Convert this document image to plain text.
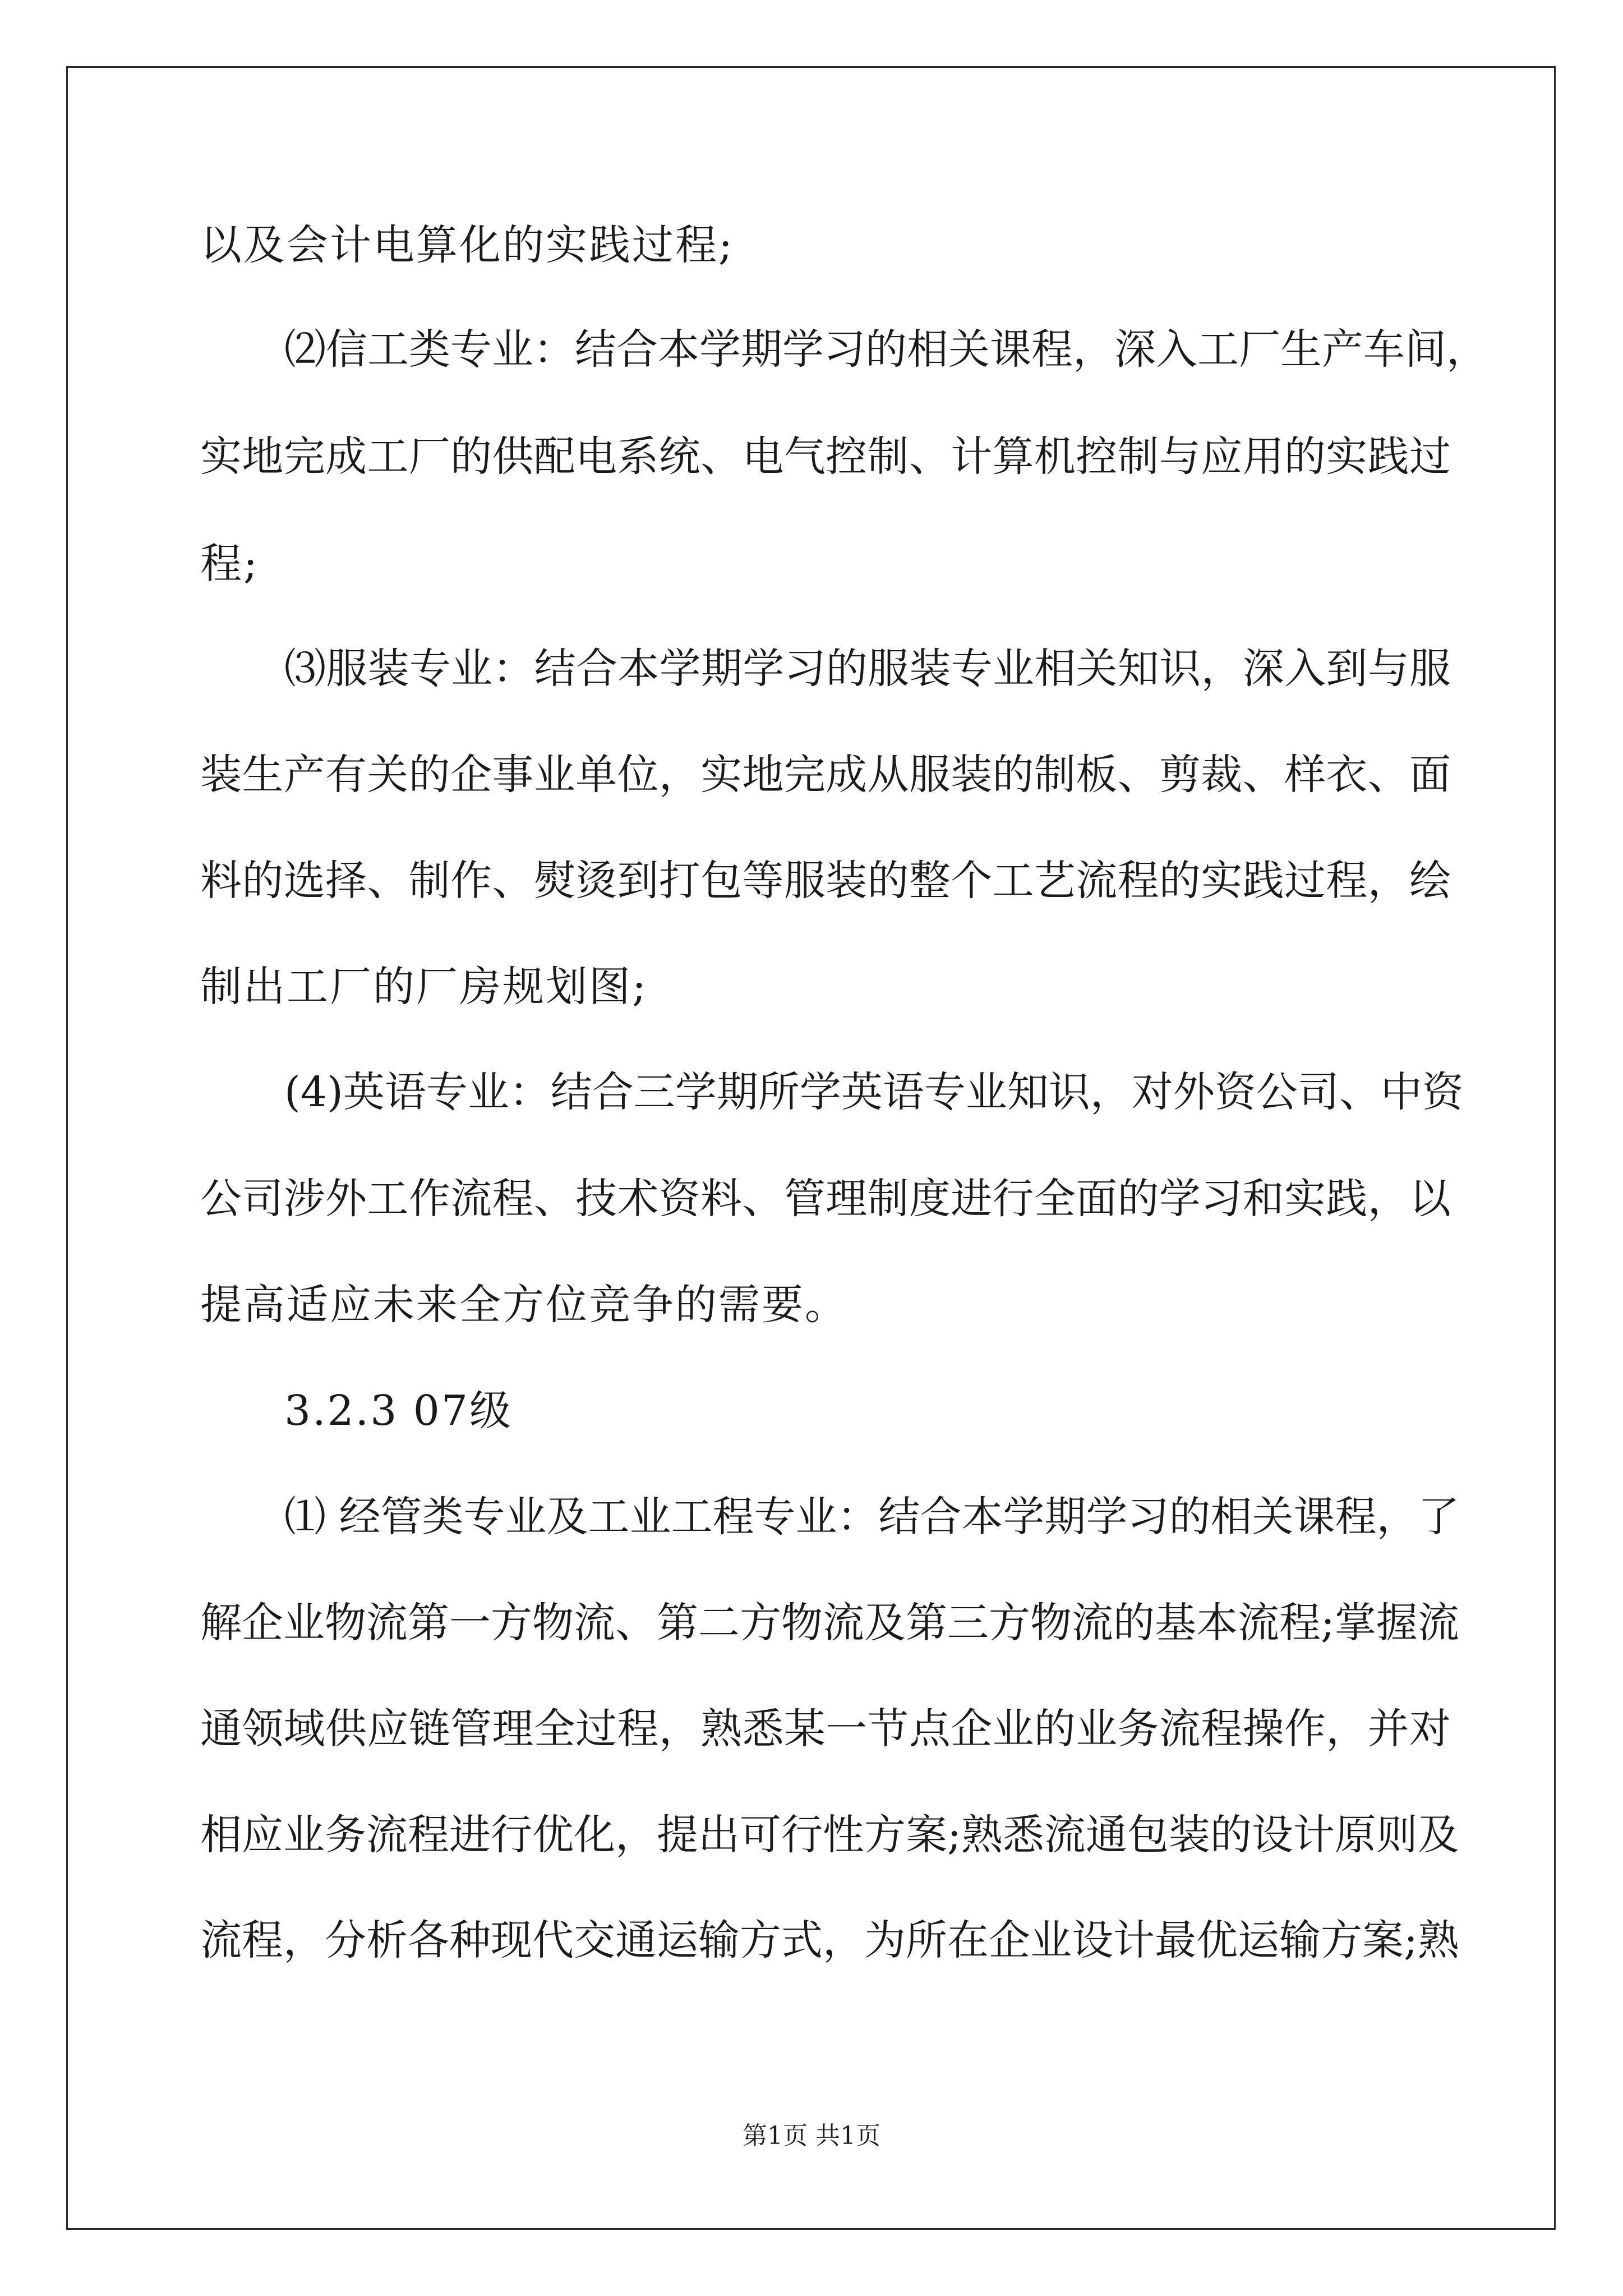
以及会计电算化的实践过程;
⑵信工类专业：结合本学期学习的相关课程，深入工厂生产车间，
实地完成工厂的供配电系统、电气控制、计算机控制与应用的实践过
程;
⑶服装专业：结合本学期学习的服装专业相关知识，深入到与服
装生产有关的企事业单位，实地完成从服装的制板、剪裁、样衣、面
料的选择、制作、熨烫到打包等服装的整个工艺流程的实践过程，绘
制出工厂的厂房规划图;
(4)英语专业：结合三学期所学英语专业知识，对外资公司、中资
公司涉外工作流程、技术资料、管理制度进行全面的学习和实践，以
提高适应未来全方位竞争的需要。
3.2.3 07级
⑴ 经管类专业及工业工程专业：结合本学期学习的相关课程，了
解企业物流第一方物流、第二方物流及第三方物流的基本流程;掌握流
通领域供应链管理全过程，熟悉某一节点企业的业务流程操作，并对
相应业务流程进行优化，提出可行性方案;熟悉流通包装的设计原则及
流程，分析各种现代交通运输方式，为所在企业设计最优运输方案;熟
第1页 共1页
